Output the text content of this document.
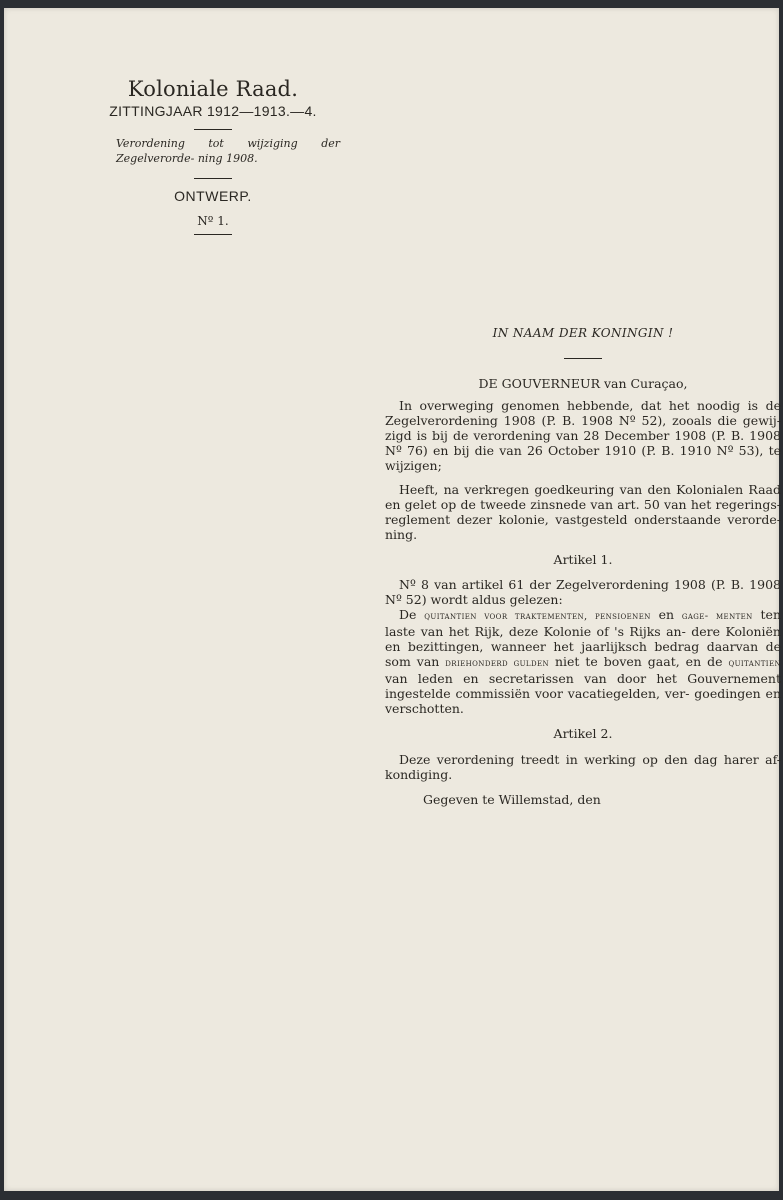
Koloniale Raad.
ZITTINGJAAR 1912—1913.—4.
Verordening tot wijziging der Zegelverorde- ning 1908.
ONTWERP.
Nº 1.

IN NAAM DER KONINGIN !

DE GOUVERNEUR van Curaçao,

In overweging genomen hebbende, dat het noodig is de Zegelverordening 1908 (P. B. 1908 Nº 52), zooals die gewij- zigd is bij de verordening van 28 December 1908 (P. B. 1908 Nº 76) en bij die van 26 October 1910 (P. B. 1910 Nº 53), te wijzigen;

Heeft, na verkregen goedkeuring van den Kolonialen Raad en gelet op de tweede zinsnede van art. 50 van het regerings- reglement dezer kolonie, vastgesteld onderstaande verorde- ning.

Artikel 1.

Nº 8 van artikel 61 der Zegelverordening 1908 (P. B. 1908 Nº 52) wordt aldus gelezen:

De quitantien voor traktementen, pensioenen en gage- menten ten laste van het Rijk, deze Kolonie of 's Rijks an- dere Koloniën en bezittingen, wanneer het jaarlijksch bedrag daarvan de som van driehonderd gulden niet te boven gaat, en de quitantien van leden en secretarissen van door het Gouvernement ingestelde commissiën voor vacatiegelden, ver- goedingen en verschotten.

Artikel 2.

Deze verordening treedt in werking op den dag harer af- kondiging.

Gegeven te Willemstad, den
